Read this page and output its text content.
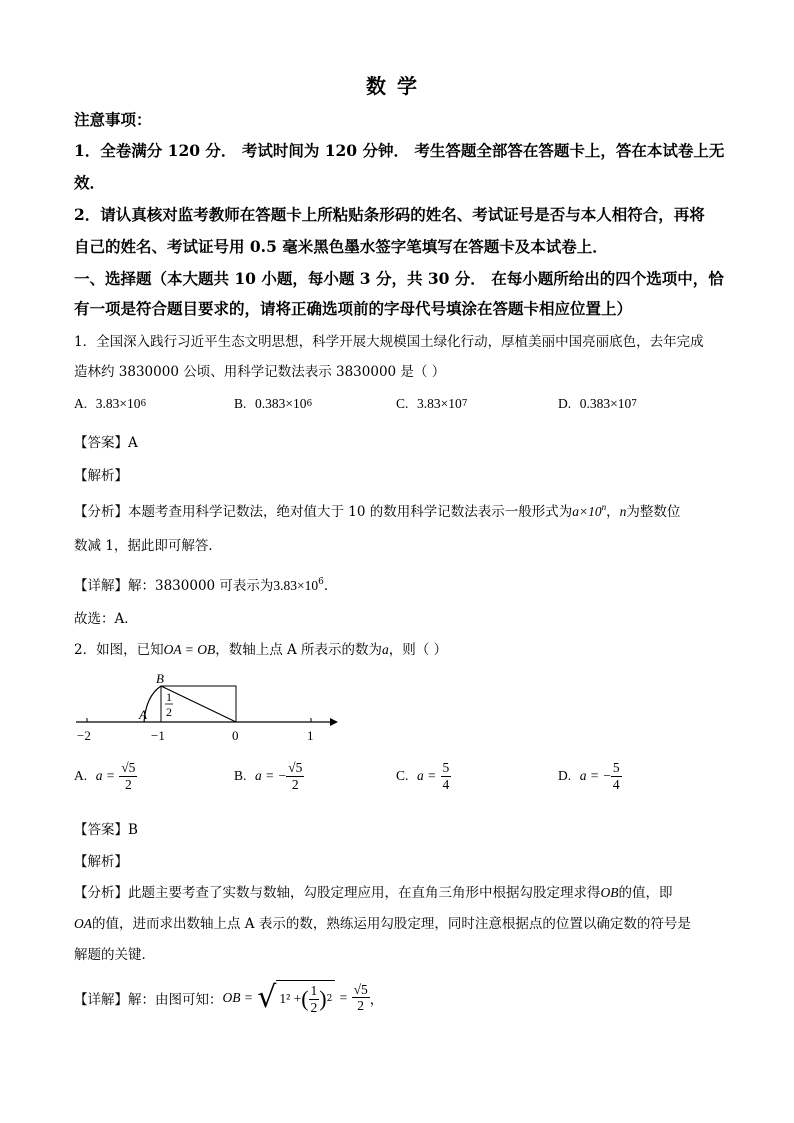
数 学
注意事项：
1．全卷满分 120 分． 考试时间为 120 分钟． 考生答题全部答在答题卡上，答在本试卷上无
效．
2．请认真核对监考教师在答题卡上所粘贴条形码的姓名、考试证号是否与本人相符合，再将
自己的姓名、考试证号用 0.5 毫米黑色墨水签字笔填写在答题卡及本试卷上．
一、选择题（本大题共 10 小题，每小题 3 分，共 30 分． 在每小题所给出的四个选项中，恰
有一项是符合题目要求的，请将正确选项前的字母代号填涂在答题卡相应位置上）
1．全国深入践行习近平生态文明思想，科学开展大规模国土绿化行动，厚植美丽中国亮丽底色，去年完成
造林约 3830000 公顷、用科学记数法表示 3830000 是（ ）
A.
3.83×10 6	B.
0.383×10 6	C.
3.83×10 7	D.
0.383×10 7
【答案】A
【解析】
【分析】本题考查用科学记数法，绝对值大于 10 的数用科学记数法表示一般形式为$a\times 10^n$，n为整数位
数减 1，据此即可解答．
【详解】解：3830000 可表示为$3.83\times 10^6$．
故选：A．
2．如图，已知OA = OB，数轴上点 A 所表示的数为a，则（ ）
B
A
1
2
−2	−1	0	1
A.
a =
$\frac{√5}{2}$	B.
a =
− $\frac{√5}{2}$	C.
a =
$\frac{5}{4}$	D.
a =
− $\frac{5}{4}$
【答案】B
【解析】
【分析】此题主要考查了实数与数轴，勾股定理应用，在直角三角形中根据勾股定理求得OB的值，即
OA的值，进而求出数轴上点 A 表示的数，熟练运用勾股定理，同时注意根据点的位置以确定数的符号是
解题的关键．
【详解】解：由图可知： OB =
√ 1² + ( $\frac{1}{2}$ ) 2
=
$\frac{√5}{2}$ ，
